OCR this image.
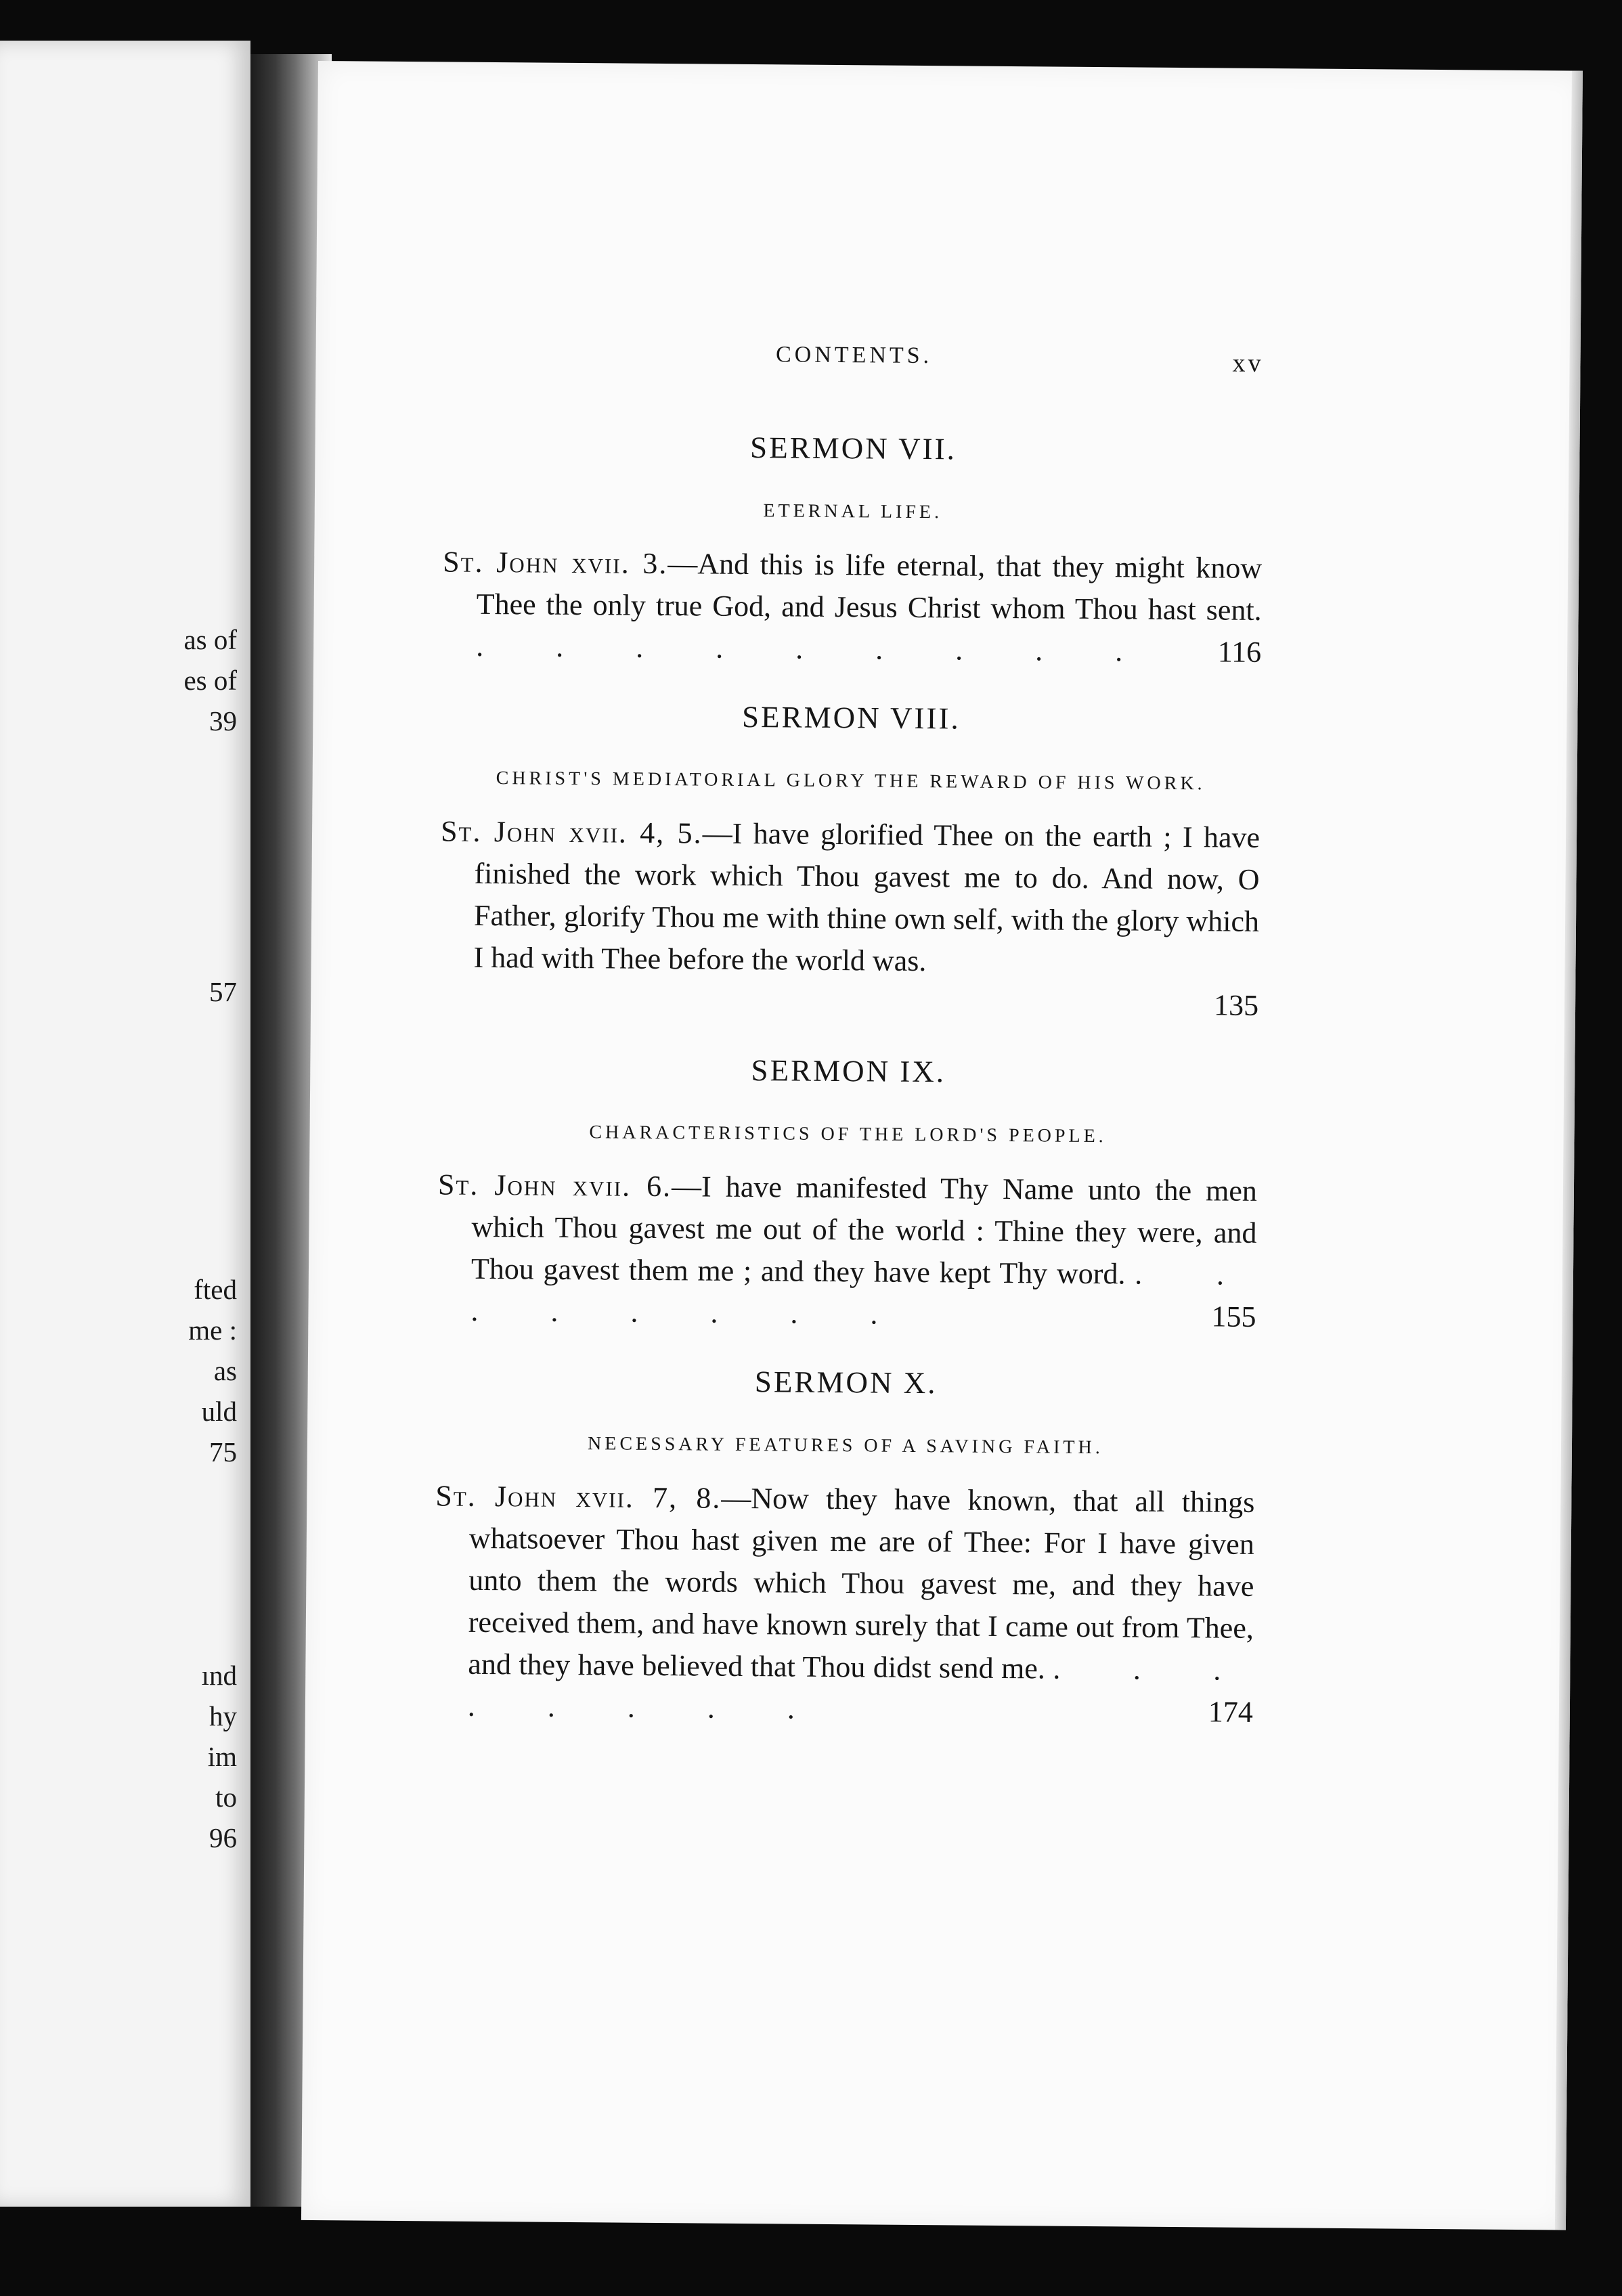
as of
es of
39
57
fted
me :
as
uld
75
ınd
hy
im
to
96
CONTENTS.	xv
SERMON VII.
ETERNAL LIFE.
St. John xvii. 3.—And this is life eternal, that they might know Thee the only true God, and Jesus Christ whom Thou hast sent. . . . . . . . . . 116
SERMON VIII.
CHRIST'S MEDIATORIAL GLORY THE REWARD OF HIS WORK.
St. John xvii. 4, 5.—I have glorified Thee on the earth ; I have finished the work which Thou gavest me to do. And now, O Father, glorify Thou me with thine own self, with the glory which I had with Thee before the world was.
135
SERMON IX.
CHARACTERISTICS OF THE LORD'S PEOPLE.
St. John xvii. 6.—I have manifested Thy Name unto the men which Thou gavest me out of the world : Thine they were, and Thou gavest them me ; and they have kept Thy word. . . . . . . . .	155
SERMON X.
NECESSARY FEATURES OF A SAVING FAITH.
St. John xvii. 7, 8.—Now they have known, that all things whatsoever Thou hast given me are of Thee: For I have given unto them the words which Thou gavest me, and they have received them, and have known surely that I came out from Thee, and they have believed that Thou didst send me. . . . . . . . .	174
